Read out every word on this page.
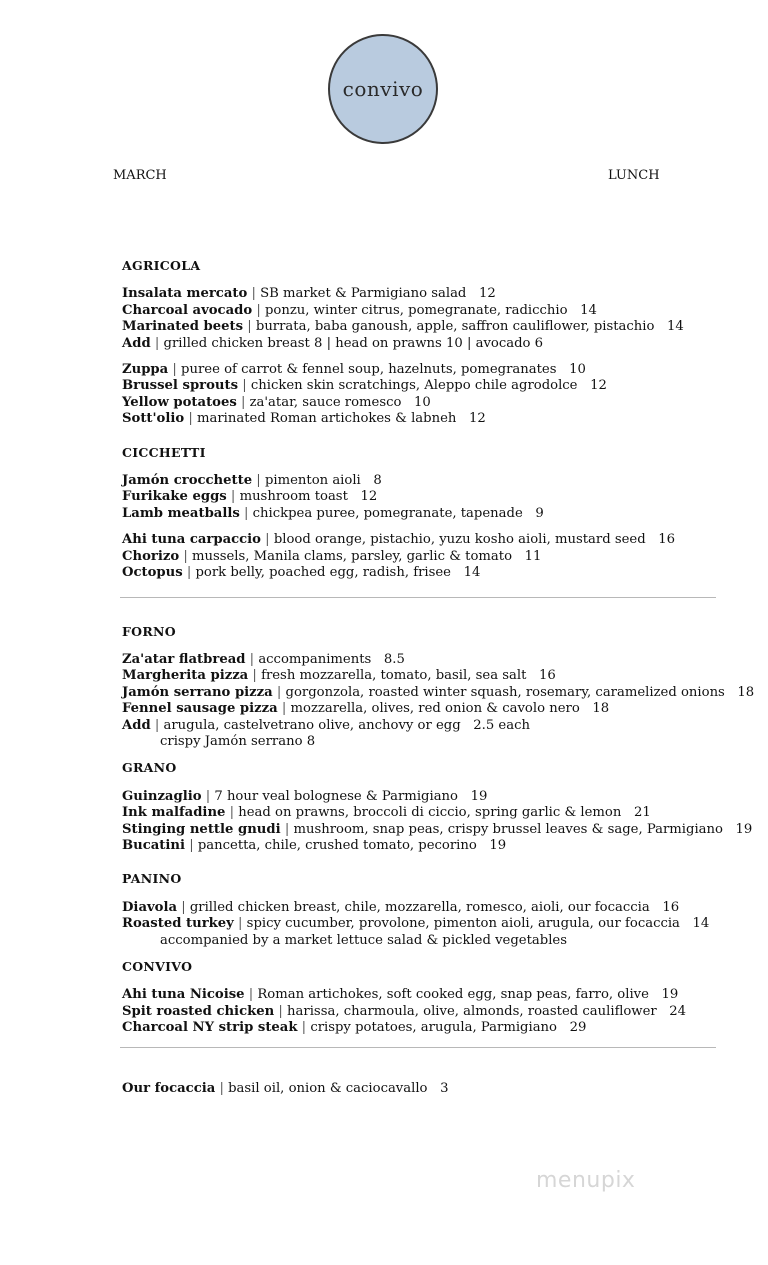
convivo
MARCH	LUNCH
AGRICOLA
Insalata mercato | SB market & Parmigiano salad 12
Charcoal avocado | ponzu, winter citrus, pomegranate, radicchio 14
Marinated beets | burrata, baba ganoush, apple, saffron cauliflower, pistachio 14
Add | grilled chicken breast 8 | head on prawns 10 | avocado 6
Zuppa | puree of carrot & fennel soup, hazelnuts, pomegranates 10
Brussel sprouts | chicken skin scratchings, Aleppo chile agrodolce 12
Yellow potatoes | za'atar, sauce romesco 10
Sott'olio | marinated Roman artichokes & labneh 12
CICCHETTI
Jamón crocchette | pimenton aioli 8
Furikake eggs | mushroom toast 12
Lamb meatballs | chickpea puree, pomegranate, tapenade 9
Ahi tuna carpaccio | blood orange, pistachio, yuzu kosho aioli, mustard seed 16
Chorizo | mussels, Manila clams, parsley, garlic & tomato 11
Octopus | pork belly, poached egg, radish, frisee 14
FORNO
Za'atar flatbread | accompaniments 8.5
Margherita pizza | fresh mozzarella, tomato, basil, sea salt 16
Jamón serrano pizza | gorgonzola, roasted winter squash, rosemary, caramelized onions 18
Fennel sausage pizza | mozzarella, olives, red onion & cavolo nero 18
Add | arugula, castelvetrano olive, anchovy or egg 2.5 each
crispy Jamón serrano 8
GRANO
Guinzaglio | 7 hour veal bolognese & Parmigiano 19
Ink malfadine | head on prawns, broccoli di ciccio, spring garlic & lemon 21
Stinging nettle gnudi | mushroom, snap peas, crispy brussel leaves & sage, Parmigiano 19
Bucatini | pancetta, chile, crushed tomato, pecorino 19
PANINO
Diavola | grilled chicken breast, chile, mozzarella, romesco, aioli, our focaccia 16
Roasted turkey | spicy cucumber, provolone, pimenton aioli, arugula, our focaccia 14
accompanied by a market lettuce salad & pickled vegetables
CONVIVO
Ahi tuna Nicoise | Roman artichokes, soft cooked egg, snap peas, farro, olive 19
Spit roasted chicken | harissa, charmoula, olive, almonds, roasted cauliflower 24
Charcoal NY strip steak | crispy potatoes, arugula, Parmigiano 29
Our focaccia | basil oil, onion & caciocavallo 3
menupix
